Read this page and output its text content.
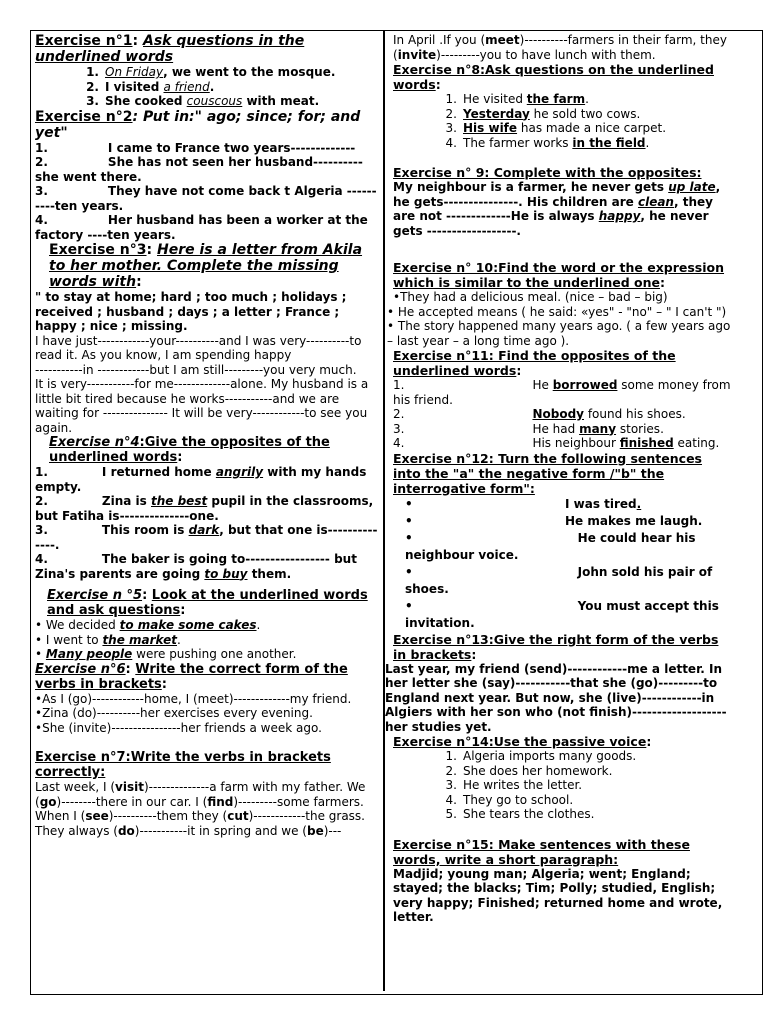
Exercise n°1: Ask questions in the underlined words

1. On Friday, we went to the mosque.
2. I visited a friend.
3. She cooked couscous with meat.

Exercise n°2: Put in:" ago; since; for; and yet"

1.	I came to France two years-------------

2.	She has not seen her husband----------she went there.

3.	They have not come back t Algeria ----------ten years.

4.	Her husband has been a worker at the factory ----ten years.

Exercise n°3: Here is a letter from Akila to her mother. Complete the missing words with:

" to stay at home; hard ; too much ; holidays ; received ; husband ; days ; a letter ; France ; happy ; nice ; missing.

I have just------------your----------and I was very----------to read it. As you know, I am spending happy

-----------in ------------but I am still---------you very much.

It is very-----------for me-------------alone. My husband is a little bit tired because he works-----------and we are waiting for --------------- It will be very------------to see you again.

Exercise n°4:Give the opposites of the underlined words:

1.	I returned home angrily with my hands empty.

2.	Zina is the best pupil in the classrooms, but Fatiha is--------------one.

3.	This room is dark, but that one is--------------.

4.	The baker is going to----------------- but Zina's parents are going to buy them.

Exercise n °5: Look at the underlined words and ask questions:

• We decided to make some cakes.

• I went to the market.

• Many people were pushing one another.

Exercise n°6: Write the correct form of the verbs in brackets:

•As I (go)------------home, I (meet)-------------my friend.

•Zina (do)----------her exercises every evening.

•She (invite)----------------her friends a week ago.

Exercise n°7:Write the verbs in brackets correctly:

Last week, I (visit)--------------a farm with my father. We (go)--------there in our car. I (find)---------some farmers.

When I (see)----------them they (cut)------------the grass. They always (do)-----------it in spring and we (be)---

In April .If you (meet)----------farmers in their farm, they (invite)---------you to have lunch with them.

Exercise n°8:Ask questions on the underlined words:

1. He visited the farm.
2. Yesterday he sold two cows.
3. His wife has made a nice carpet.
4. The farmer works in the field.

Exercise n° 9: Complete with the opposites:

My neighbour is a farmer, he never gets up late, he gets---------------. His children are clean, they are not -------------He is always happy, he never gets ------------------.

Exercise n° 10:Find the word or the expression which is similar to the underlined one:

•They had a delicious meal. (nice – bad – big)

• He accepted means ( he said: «yes" - "no" – " I can't ")

• The story happened many years ago. ( a few years ago – last year – a long time ago ).

Exercise n°11: Find the opposites of the underlined words:

1.	He borrowed some money from his friend.

2.	Nobody found his shoes.

3.	He had many stories.

4.	His neighbour finished eating.

Exercise n°12: Turn the following sentences into the "a" the negative form /"b" the interrogative form":

•	I was tired.

•	He makes me laugh.

•	He could hear his neighbour voice.

•	John sold his pair of shoes.

•	You must accept this invitation.

Exercise n°13:Give the right form of the verbs in brackets:

Last year, my friend (send)------------me a letter. In her letter she (say)-----------that she (go)---------to England next year. But now, she (live)------------in Algiers with her son who (not finish)-------------------her studies yet.

Exercise n°14:Use the passive voice:

1. Algeria imports many goods.
2. She does her homework.
3. He writes the letter.
4. They go to school.
5. She tears the clothes.

Exercise n°15: Make sentences with these words, write a short paragraph:

Madjid; young man; Algeria; went; England; stayed; the blacks; Tim; Polly; studied, English; very happy; Finished; returned home and wrote, letter.
